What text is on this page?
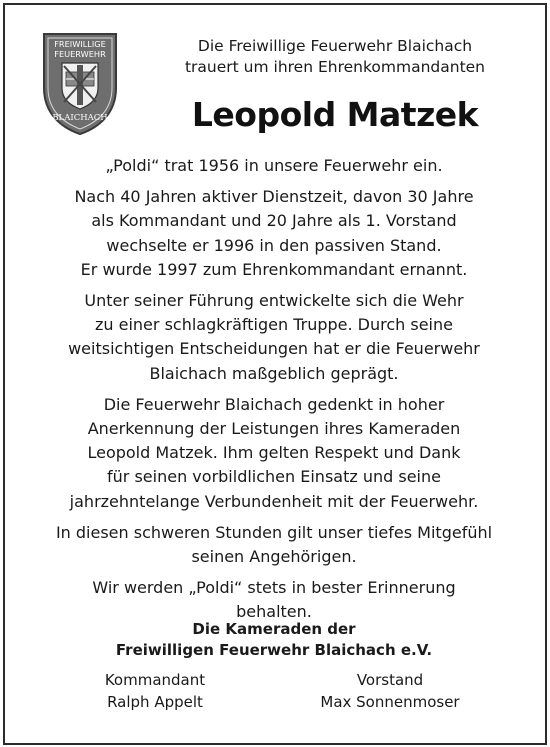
FREIWILLIGE
FEUERWEHR
BLAICHACH
Die Freiwillige Feuerwehr Blaichach
trauert um ihren Ehrenkommandanten
Leopold Matzek

„Poldi“ trat 1956 in unsere Feuerwehr ein.

Nach 40 Jahren aktiver Dienstzeit, davon 30 Jahre
als Kommandant und 20 Jahre als 1. Vorstand
wechselte er 1996 in den passiven Stand.
Er wurde 1997 zum Ehrenkommandant ernannt.

Unter seiner Führung entwickelte sich die Wehr
zu einer schlagkräftigen Truppe. Durch seine
weitsichtigen Entscheidungen hat er die Feuerwehr
Blaichach maßgeblich geprägt.

Die Feuerwehr Blaichach gedenkt in hoher
Anerkennung der Leistungen ihres Kameraden
Leopold Matzek. Ihm gelten Respekt und Dank
für seinen vorbildlichen Einsatz und seine
jahrzehntelange Verbundenheit mit der Feuerwehr.

In diesen schweren Stunden gilt unser tiefes Mitgefühl
seinen Angehörigen.

Wir werden „Poldi“ stets in bester Erinnerung
behalten.

Die Kameraden der
Freiwilligen Feuerwehr Blaichach e.V.
Kommandant
Ralph Appelt
Vorstand
Max Sonnenmoser
